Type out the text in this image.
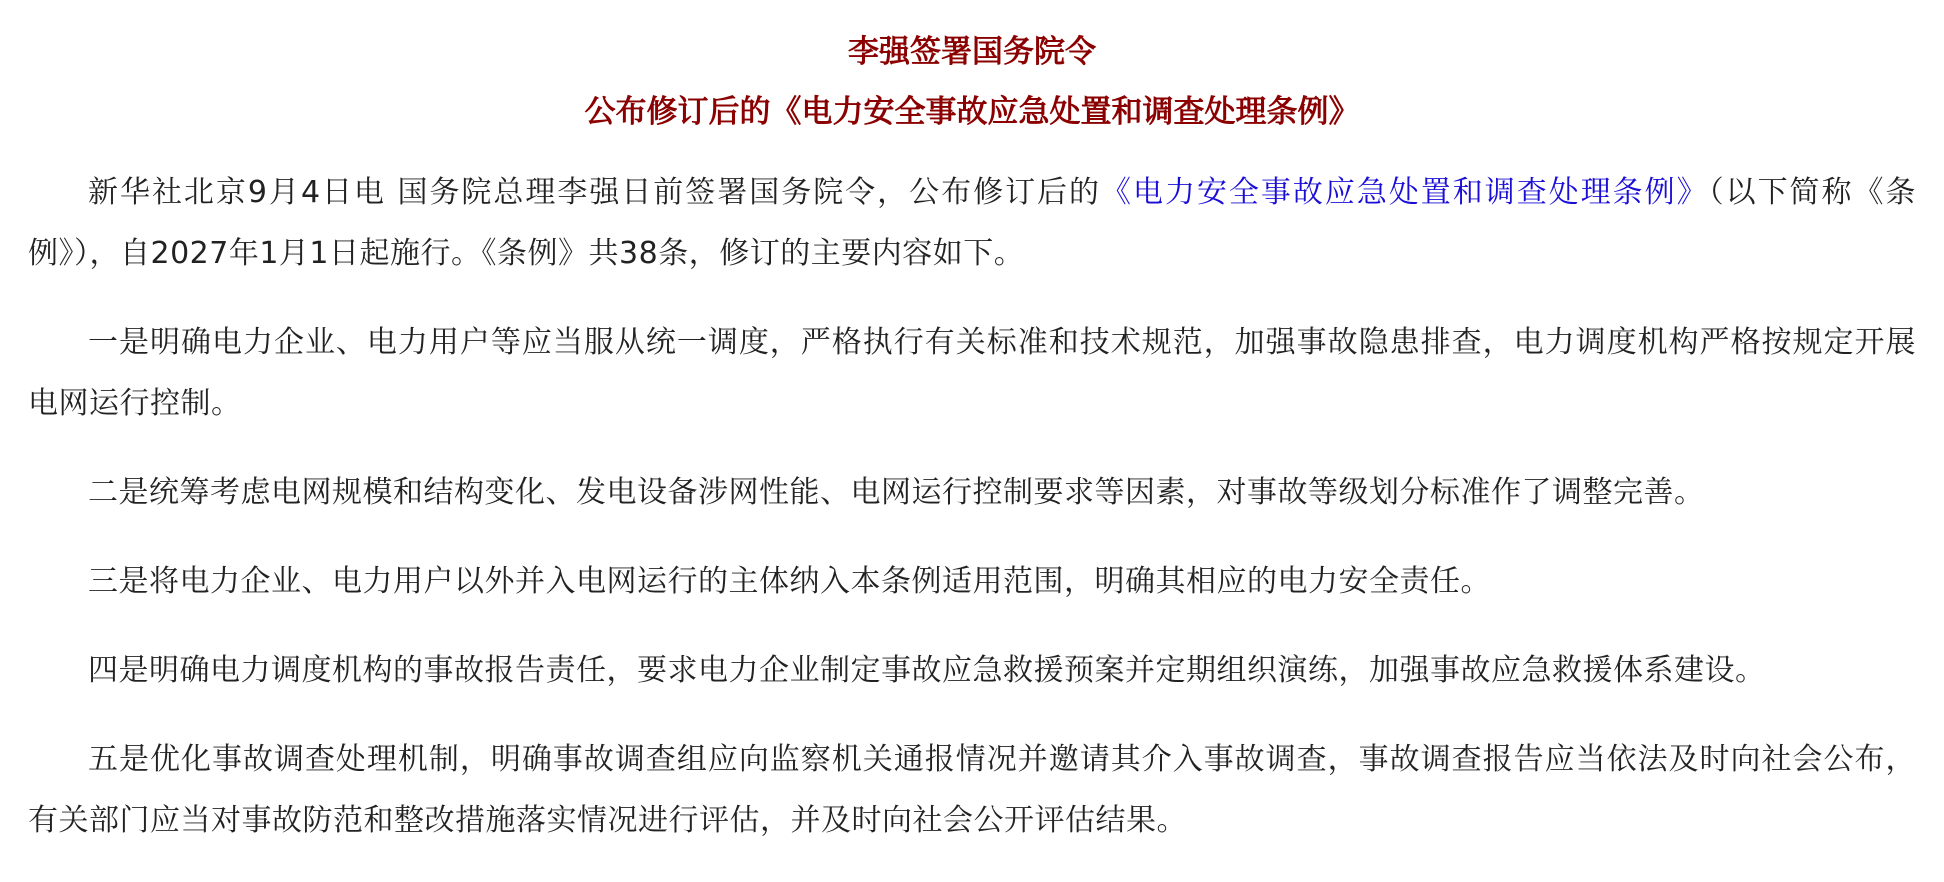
李强签署国务院令
公布修订后的《电力安全事故应急处置和调查处理条例》

新华社北京9月4日电 国务院总理李强日前签署国务院令，公布修订后的《电力安全事故应急处置和调查处理条例》（以下简称《条例》），自2027年1月1日起施行。《条例》共38条，修订的主要内容如下。

一是明确电力企业、电力用户等应当服从统一调度，严格执行有关标准和技术规范，加强事故隐患排查，电力调度机构严格按规定开展电网运行控制。

二是统筹考虑电网规模和结构变化、发电设备涉网性能、电网运行控制要求等因素，对事故等级划分标准作了调整完善。

三是将电力企业、电力用户以外并入电网运行的主体纳入本条例适用范围，明确其相应的电力安全责任。

四是明确电力调度机构的事故报告责任，要求电力企业制定事故应急救援预案并定期组织演练，加强事故应急救援体系建设。

五是优化事故调查处理机制，明确事故调查组应向监察机关通报情况并邀请其介入事故调查，事故调查报告应当依法及时向社会公布，有关部门应当对事故防范和整改措施落实情况进行评估，并及时向社会公开评估结果。
